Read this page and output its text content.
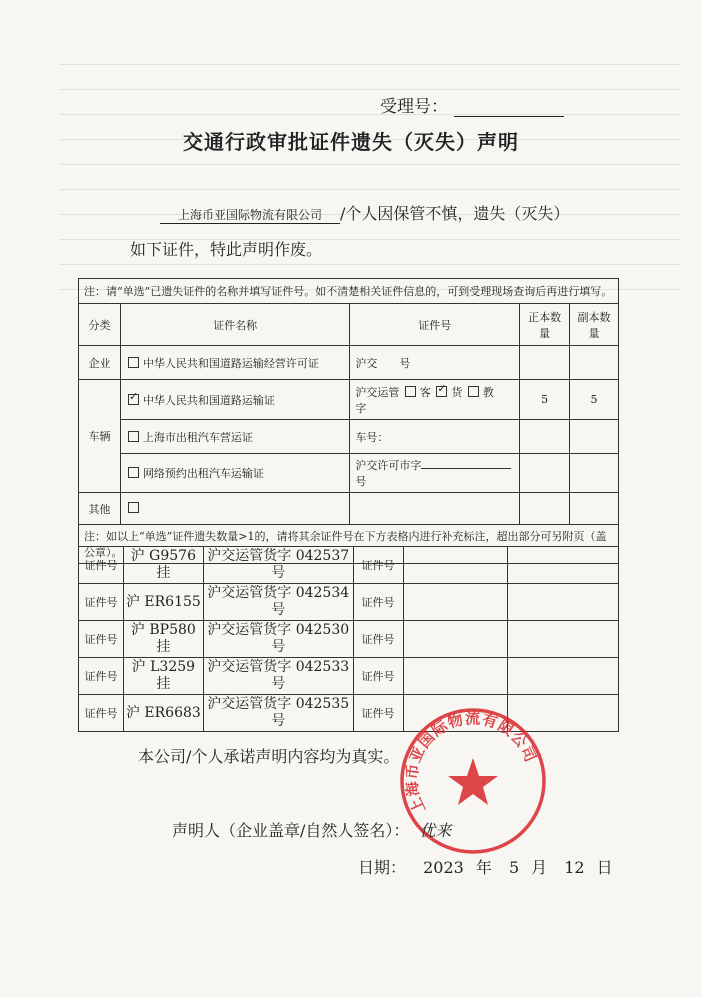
受理号：
交通行政审批证件遗失（灭失）声明
上海币亚国际物流有限公司 /个人因保管不慎，遗失（灭失）
如下证件，特此声明作废。
注：请“单选”已遗失证件的名称并填写证件号。如不清楚相关证件信息的，可到受理现场查询后再进行填写。				
分类	证件名称	证件号	正本数量	副本数量
企业	中华人民共和国道路运输经营许可证	沪交　　号		
车辆	✓中华人民共和国道路运输证	沪交运管 客 ✓ 货 教　字	5	5
	上海市出租汽车营运证	车号：		
	网络预约出租汽车运输证	沪交许可市字号		
其他				
注：如以上“单选”证件遗失数量>1的，请将其余证件号在下方表格内进行补充标注，超出部分可另附页（盖公章）。				
证件号	沪 G9576 挂	沪交运管货字 042537 号	证件号		
证件号	沪 ER6155	沪交运管货字 042534 号	证件号		
证件号	沪 BP580 挂	沪交运管货字 042530 号	证件号		
证件号	沪 L3259 挂	沪交运管货字 042533 号	证件号		
证件号	沪 ER6683	沪交运管货字 042535 号	证件号		
本公司/个人承诺声明内容均为真实。
上海币亚国际物流有限公司
声明人（企业盖章/自然人签名）： 优来
日期： 2023 年 5 月 12 日
